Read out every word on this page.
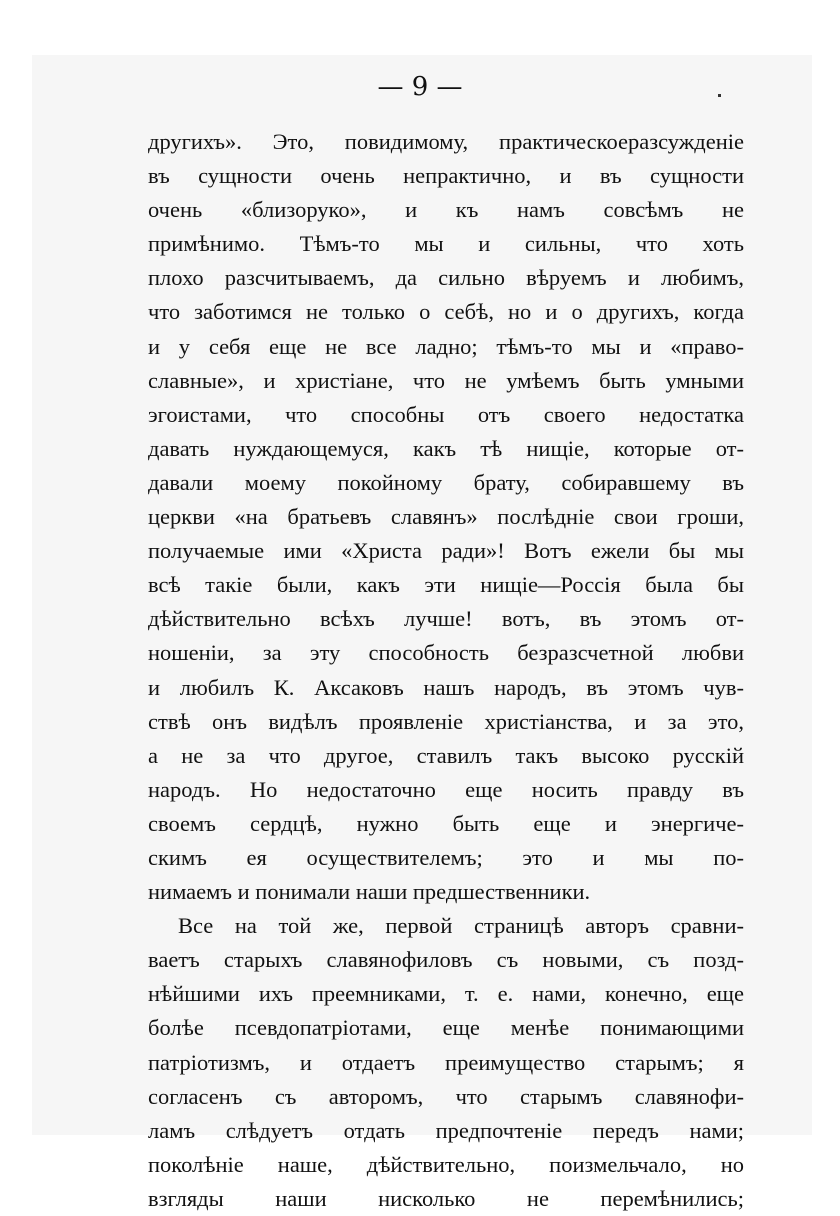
— 9 —
другихъ». Это, повидимому, практическоеразсужденіе
въ сущности очень непрактично, и въ сущности
очень «близоруко», и къ намъ совсѣмъ не
примѣнимо. Тѣмъ-то мы и сильны, что хоть
плохо разсчитываемъ, да сильно вѣруемъ и любимъ,
что заботимся не только о себѣ, но и о другихъ, когда
и у себя еще не все ладно; тѣмъ-то мы и «право-
славные», и христіане, что не умѣемъ быть умными
эгоистами, что способны отъ своего недостатка
давать нуждающемуся, какъ тѣ нищіе, которые от-
давали моему покойному брату, собиравшему въ
церкви «на братьевъ славянъ» послѣдніе свои гроши,
получаемые ими «Христа ради»! Вотъ ежели бы мы
всѣ такіе были, какъ эти нищіе—Россія была бы
дѣйствительно всѣхъ лучше! вотъ, въ этомъ от-
ношеніи, за эту способность безразсчетной любви
и любилъ К. Аксаковъ нашъ народъ, въ этомъ чув-
ствѣ онъ видѣлъ проявленіе христіанства, и за это,
а не за что другое, ставилъ такъ высоко русскій
народъ. Но недостаточно еще носить правду въ
своемъ сердцѣ, нужно быть еще и энергиче-
скимъ ея осуществителемъ; это и мы по-
нимаемъ и понимали наши предшественники.
Все на той же, первой страницѣ авторъ сравни-
ваетъ старыхъ славянофиловъ съ новыми, съ позд-
нѣйшими ихъ преемниками, т. е. нами, конечно, еще
болѣе псевдопатріотами, еще менѣе понимающими
патріотизмъ, и отдаетъ преимущество старымъ; я
согласенъ съ авторомъ, что старымъ славянофи-
ламъ слѣдуетъ отдать предпочтеніе передъ нами;
поколѣніе наше, дѣйствительно, поизмельчало, но
взгляды наши нисколько не перемѣнились;
